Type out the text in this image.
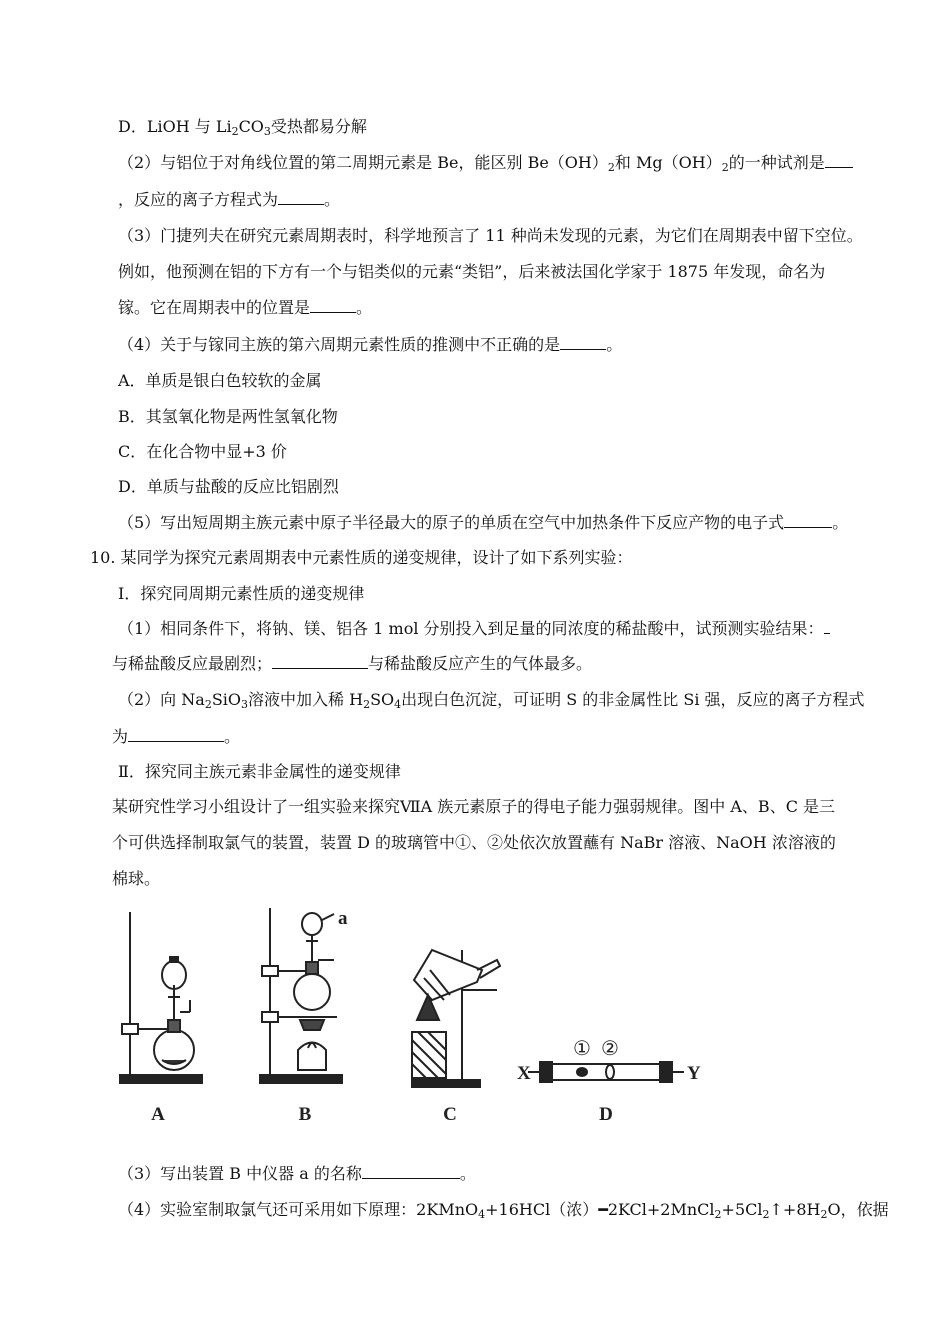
D．LiOH 与 $Li_2CO_3$受热都易分解
（2）与铝位于对角线位置的第二周期元素是 Be，能区别 $Be(OH)_2$和 $Mg(OH)_2$的一种试剂是
，反应的离子方程式为	。
（3）门捷列夫在研究元素周期表时，科学地预言了 11 种尚未发现的元素，为它们在周期表中留下空位。
例如，他预测在铝的下方有一个与铝类似的元素“类铝”，后来被法国化学家于 1875 年发现，命名为
镓。它在周期表中的位置是	。
（4）关于与镓同主族的第六周期元素性质的推测中不正确的是	。
A．单质是银白色较软的金属
B．其氢氧化物是两性氢氧化物
C．在化合物中显+3 价
D．单质与盐酸的反应比铝剧烈
（5）写出短周期主族元素中原子半径最大的原子的单质在空气中加热条件下反应产物的电子式	。
10. 某同学为探究元素周期表中元素性质的递变规律，设计了如下系列实验：
Ⅰ．探究同周期元素性质的递变规律
（1）相同条件下，将钠、镁、铝各 1 mol 分别投入到足量的同浓度的稀盐酸中，试预测实验结果：
与稀盐酸反应最剧烈；	与稀盐酸反应产生的气体最多。
（2）向 $Na_2SiO_3$溶液中加入稀 $H_2SO_4$出现白色沉淀，可证明 S 的非金属性比 Si 强，反应的离子方程式
为	。
Ⅱ．探究同主族元素非金属性的递变规律
某研究性学习小组设计了一组实验来探究ⅦA 族元素原子的得电子能力强弱规律。图中 A、B、C 是三
个可供选择制取氯气的装置，装置 D 的玻璃管中①、②处依次放置蘸有 NaBr 溶液、NaOH 浓溶液的
棉球。
A	B	C	D
a
X	Y
① ②
（3）写出装置 B 中仪器 a 的名称	。
（4）实验室制取氯气还可采用如下原理：2KMnO$_4$+16HCl（浓）$━2KCl+2MnCl_2+5Cl_2↑+8H_2O$，依据
